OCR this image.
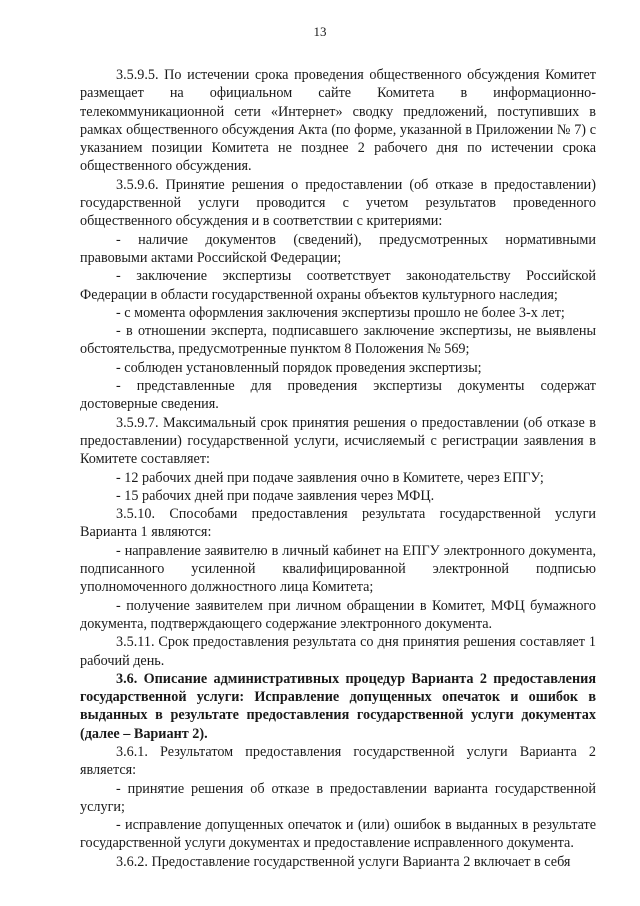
13

3.5.9.5. По истечении срока проведения общественного обсуждения Комитет размещает на официальном сайте Комитета в информационно-телекоммуникационной сети «Интернет» сводку предложений, поступивших в рамках общественного обсуждения Акта (по форме, указанной в Приложении № 7) с указанием позиции Комитета не позднее 2 рабочего дня по истечении срока общественного обсуждения.

3.5.9.6. Принятие решения о предоставлении (об отказе в предоставлении) государственной услуги проводится с учетом результатов проведенного общественного обсуждения и в соответствии с критериями:

- наличие документов (сведений), предусмотренных нормативными правовыми актами Российской Федерации;

- заключение экспертизы соответствует законодательству Российской Федерации в области государственной охраны объектов культурного наследия;

- с момента оформления заключения экспертизы прошло не более 3-х лет;

- в отношении эксперта, подписавшего заключение экспертизы, не выявлены обстоятельства, предусмотренные пунктом 8 Положения № 569;

- соблюден установленный порядок проведения экспертизы;

- представленные для проведения экспертизы документы содержат достоверные сведения.

3.5.9.7. Максимальный срок принятия решения о предоставлении (об отказе в предоставлении) государственной услуги, исчисляемый с регистрации заявления в Комитете составляет:

- 12 рабочих дней при подаче заявления очно в Комитете, через ЕПГУ;

- 15 рабочих дней при подаче заявления через МФЦ.

3.5.10. Способами предоставления результата государственной услуги Варианта 1 являются:

- направление заявителю в личный кабинет на ЕПГУ электронного документа, подписанного усиленной квалифицированной электронной подписью уполномоченного должностного лица Комитета;

- получение заявителем при личном обращении в Комитет, МФЦ бумажного документа, подтверждающего содержание электронного документа.

3.5.11. Срок предоставления результата со дня принятия решения составляет 1 рабочий день.

3.6. Описание административных процедур Варианта 2 предоставления государственной услуги: Исправление допущенных опечаток и ошибок в выданных в результате предоставления государственной услуги документах (далее – Вариант 2).

3.6.1. Результатом предоставления государственной услуги Варианта 2 является:

- принятие решения об отказе в предоставлении варианта государственной услуги;

- исправление допущенных опечаток и (или) ошибок в выданных в результате государственной услуги документах и предоставление исправленного документа.

3.6.2. Предоставление государственной услуги Варианта 2 включает в себя
